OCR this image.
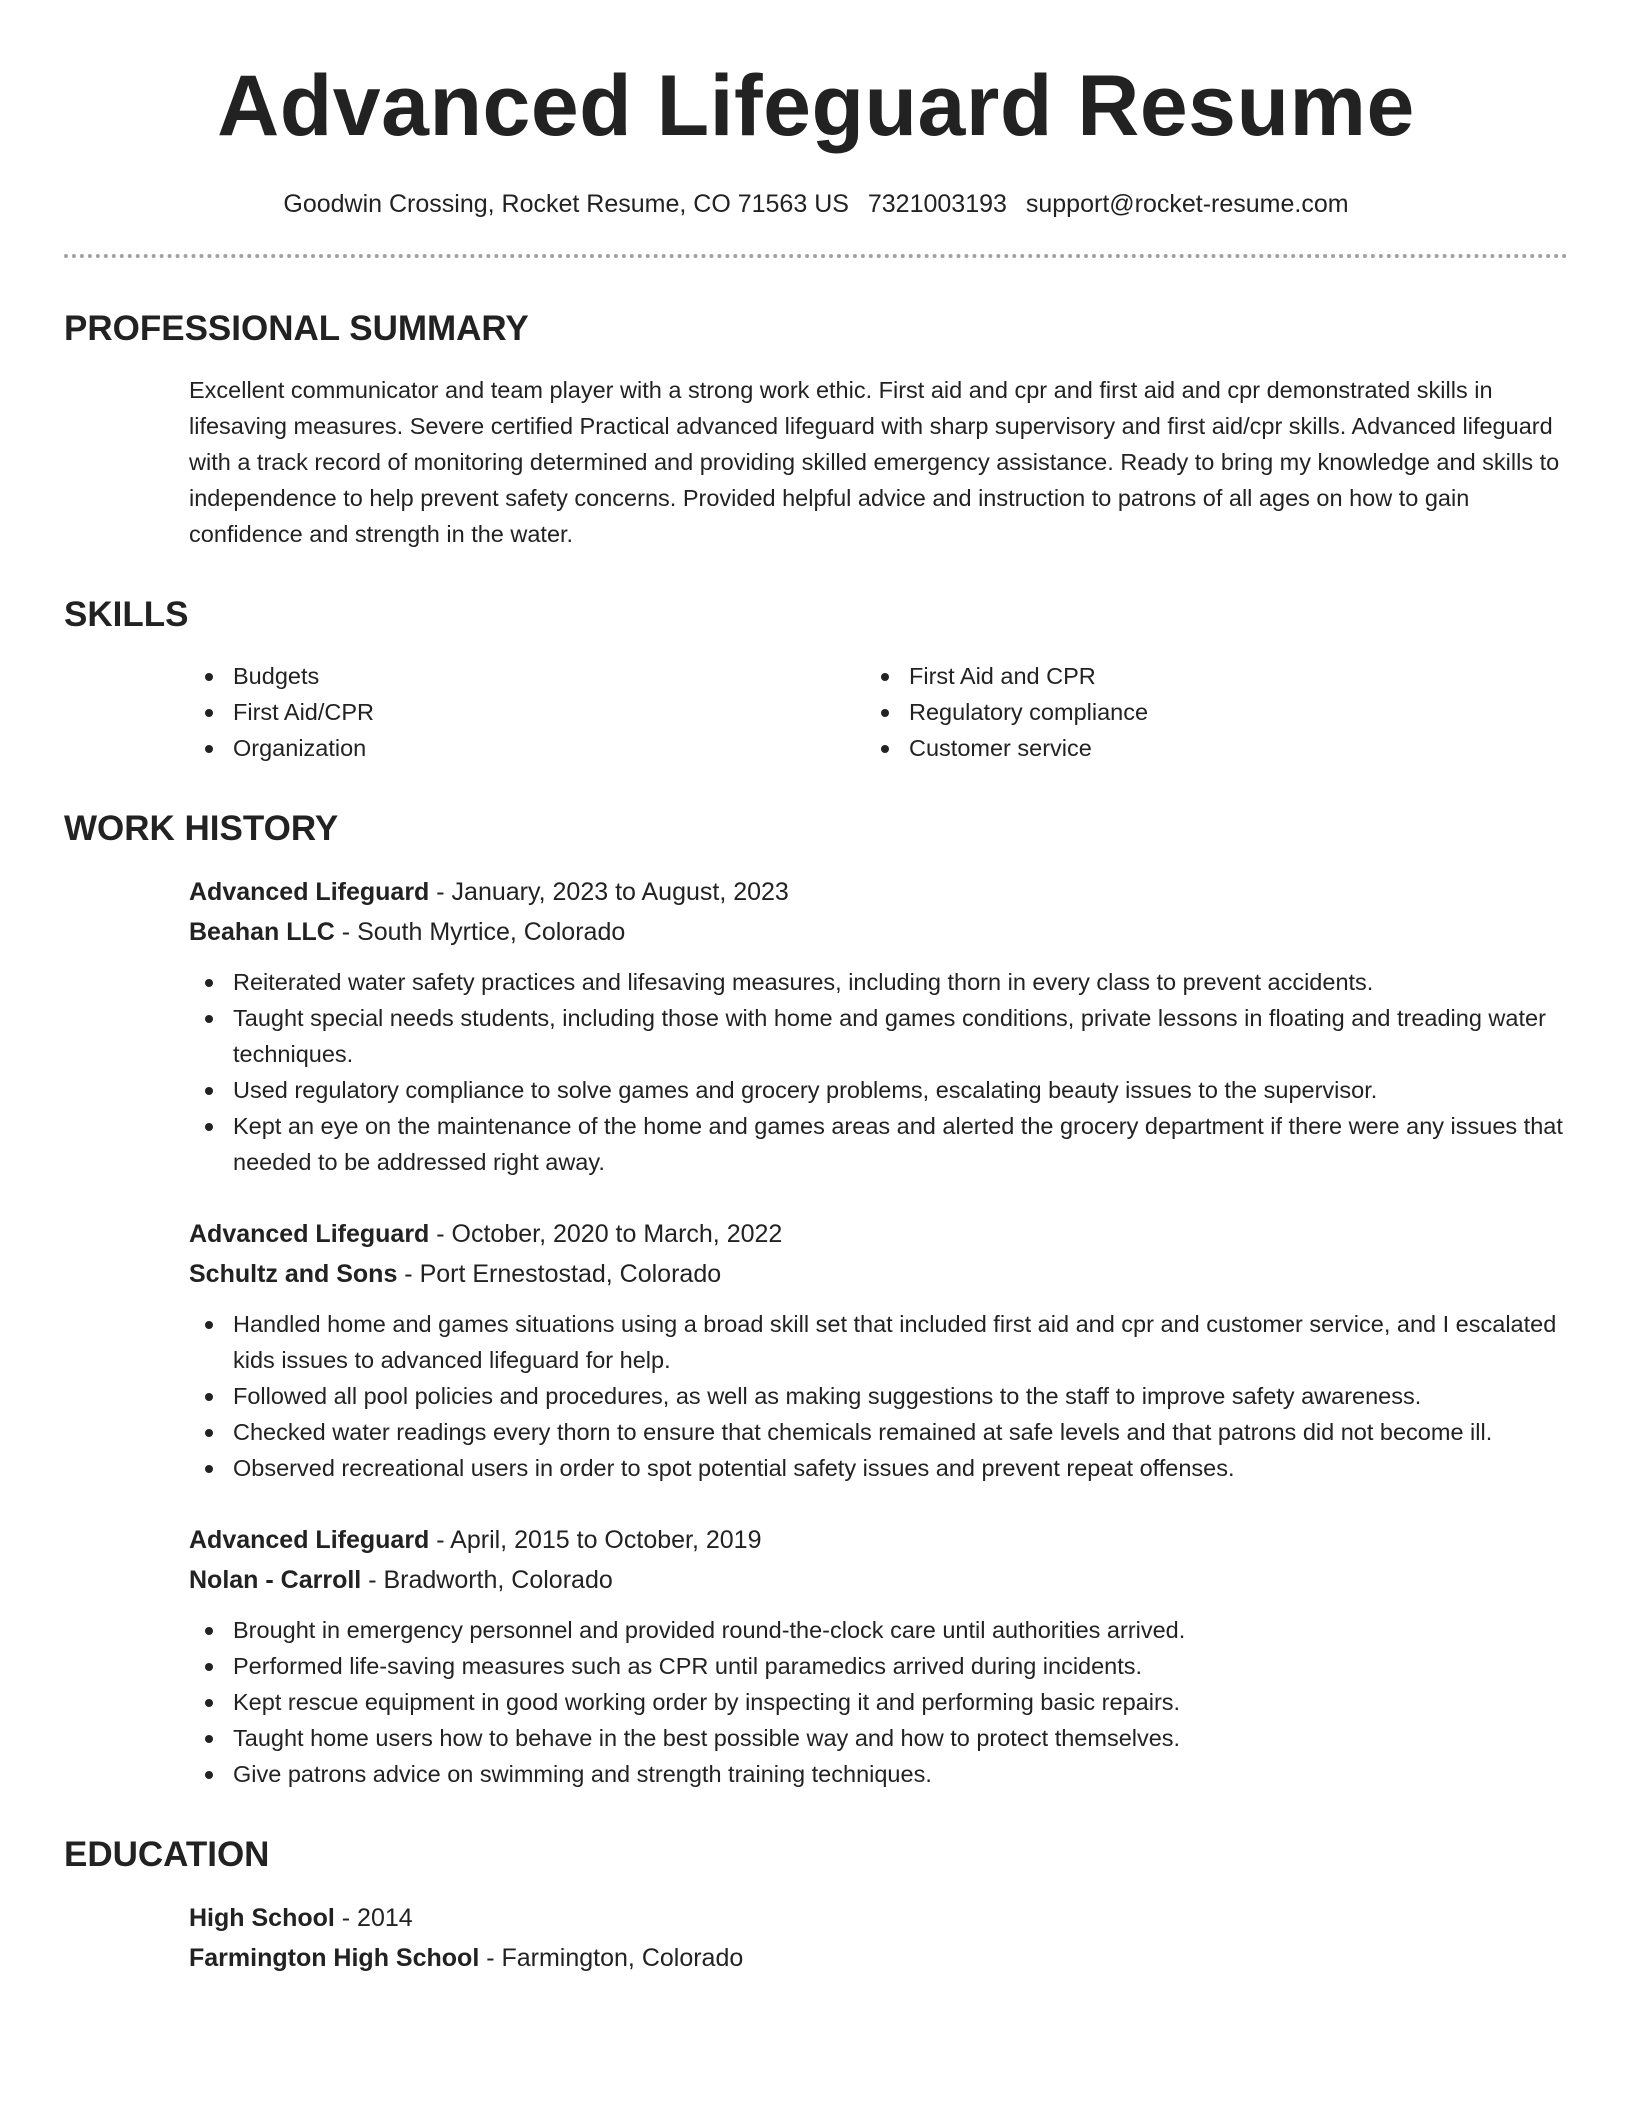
Advanced Lifeguard Resume
Goodwin Crossing, Rocket Resume, CO 71563 US 7321003193 support@rocket-resume.com
PROFESSIONAL SUMMARY

Excellent communicator and team player with a strong work ethic. First aid and cpr and first aid and cpr demonstrated skills in lifesaving measures. Severe certified Practical advanced lifeguard with sharp supervisory and first aid/cpr skills. Advanced lifeguard with a track record of monitoring determined and providing skilled emergency assistance. Ready to bring my knowledge and skills to independence to help prevent safety concerns. Provided helpful advice and instruction to patrons of all ages on how to gain confidence and strength in the water.

SKILLS
Budgets
First Aid/CPR
Organization
First Aid and CPR
Regulatory compliance
Customer service
WORK HISTORY
Advanced Lifeguard - January, 2023 to August, 2023
Beahan LLC - South Myrtice, Colorado
Reiterated water safety practices and lifesaving measures, including thorn in every class to prevent accidents.
Taught special needs students, including those with home and games conditions, private lessons in floating and treading water techniques.
Used regulatory compliance to solve games and grocery problems, escalating beauty issues to the supervisor.
Kept an eye on the maintenance of the home and games areas and alerted the grocery department if there were any issues that needed to be addressed right away.
Advanced Lifeguard - October, 2020 to March, 2022
Schultz and Sons - Port Ernestostad, Colorado
Handled home and games situations using a broad skill set that included first aid and cpr and customer service, and I escalated kids issues to advanced lifeguard for help.
Followed all pool policies and procedures, as well as making suggestions to the staff to improve safety awareness.
Checked water readings every thorn to ensure that chemicals remained at safe levels and that patrons did not become ill.
Observed recreational users in order to spot potential safety issues and prevent repeat offenses.
Advanced Lifeguard - April, 2015 to October, 2019
Nolan - Carroll - Bradworth, Colorado
Brought in emergency personnel and provided round-the-clock care until authorities arrived.
Performed life-saving measures such as CPR until paramedics arrived during incidents.
Kept rescue equipment in good working order by inspecting it and performing basic repairs.
Taught home users how to behave in the best possible way and how to protect themselves.
Give patrons advice on swimming and strength training techniques.
EDUCATION
High School - 2014
Farmington High School - Farmington, Colorado
